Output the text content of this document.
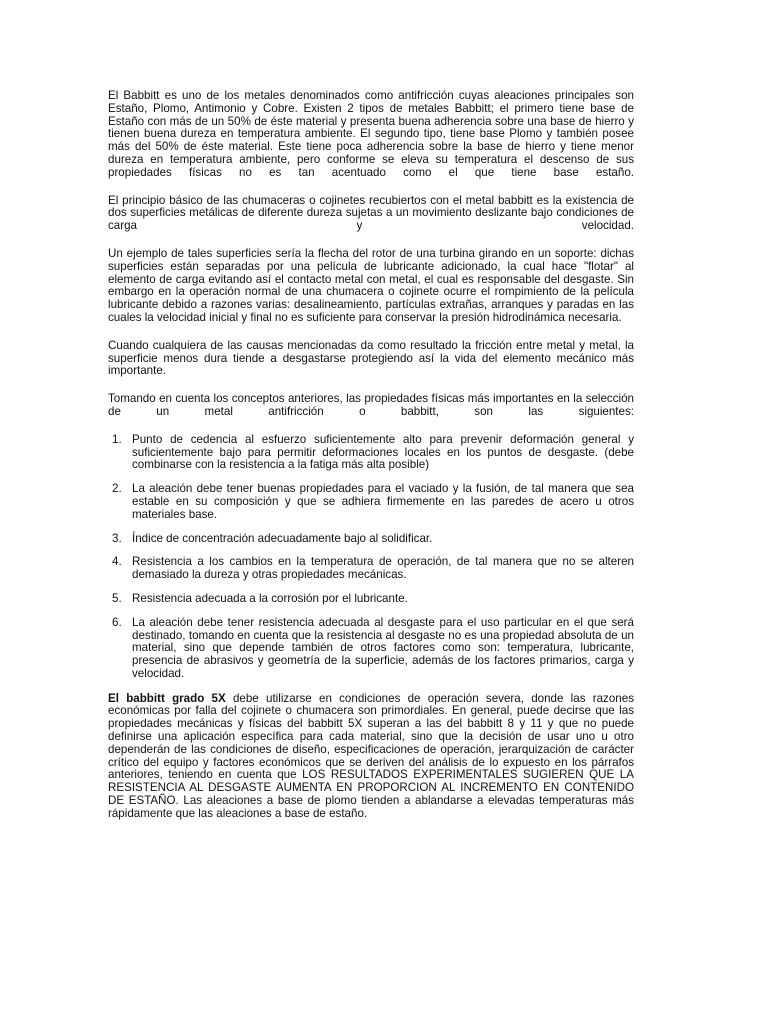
El Babbitt es uno de los metales denominados como antifricción cuyas aleaciones principales son Estaño, Plomo, Antimonio y Cobre. Existen 2 tipos de metales Babbitt; el primero tiene base de Estaño con más de un 50% de éste material y presenta buena adherencia sobre una base de hierro y tienen buena dureza en temperatura ambiente. El segundo tipo, tiene base Plomo y también posee más del 50% de éste material. Este tiene poca adherencia sobre la base de hierro y tiene menor dureza en temperatura ambiente, pero conforme se eleva su temperatura el descenso de sus propiedades físicas no es tan acentuado como el que tiene base estaño.

El principio básico de las chumaceras o cojinetes recubiertos con el metal babbitt es la existencia de dos superficies metálicas de diferente dureza sujetas a un movimiento deslizante bajo condiciones de carga y velocidad.

Un ejemplo de tales superficies sería la flecha del rotor de una turbina girando en un soporte: dichas superficies están separadas por una película de lubricante adicionado, la cual hace "flotar" al elemento de carga evitando así el contacto metal con metal, el cual es responsable del desgaste. Sin embargo en la operación normal de una chumacera o cojinete ocurre el rompimiento de la película lubricante debido a razones varias: desalineamiento, partículas extrañas, arranques y paradas en las cuales la velocidad inicial y final no es suficiente para conservar la presión hidrodinámica necesaria.

Cuando cualquiera de las causas mencionadas da como resultado la fricción entre metal y metal, la superficie menos dura tiende a desgastarse protegiendo así la vida del elemento mecánico más importante.

Tomando en cuenta los conceptos anteriores, las propiedades físicas más importantes en la selección de un metal antifricción o babbitt, son las siguientes:

1. Punto de cedencia al esfuerzo suficientemente alto para prevenir deformación general y suficientemente bajo para permitir deformaciones locales en los puntos de desgaste. (debe combinarse con la resistencia a la fatiga más alta posible)
2. La aleación debe tener buenas propiedades para el vaciado y la fusión, de tal manera que sea estable en su composición y que se adhiera firmemente en las paredes de acero u otros materiales base.
3. Índice de concentración adecuadamente bajo al solidificar.
4. Resistencia a los cambios en la temperatura de operación, de tal manera que no se alteren demasiado la dureza y otras propiedades mecánicas.
5. Resistencia adecuada a la corrosión por el lubricante.
6. La aleación debe tener resistencia adecuada al desgaste para el uso particular en el que será destinado, tomando en cuenta que la resistencia al desgaste no es una propiedad absoluta de un material, sino que depende también de otros factores como son: temperatura, lubricante, presencia de abrasivos y geometría de la superficie, además de los factores primarios, carga y velocidad.

El babbitt grado 5X debe utilizarse en condiciones de operación severa, donde las razones económicas por falla del cojinete o chumacera son primordiales. En general, puede decirse que las propiedades mecánicas y físicas del babbitt 5X superan a las del babbitt 8 y 11 y que no puede definirse una aplicación específica para cada material, sino que la decisión de usar uno u otro dependerán de las condiciones de diseño, especificaciones de operación, jerarquización de carácter crítico del equipo y factores económicos que se deriven del análisis de lo expuesto en los párrafos anteriores, teniendo en cuenta que LOS RESULTADOS EXPERIMENTALES SUGIEREN QUE LA RESISTENCIA AL DESGASTE AUMENTA EN PROPORCION AL INCREMENTO EN CONTENIDO DE ESTAÑO. Las aleaciones a base de plomo tienden a ablandarse a elevadas temperaturas más rápidamente que las aleaciones a base de estaño.
